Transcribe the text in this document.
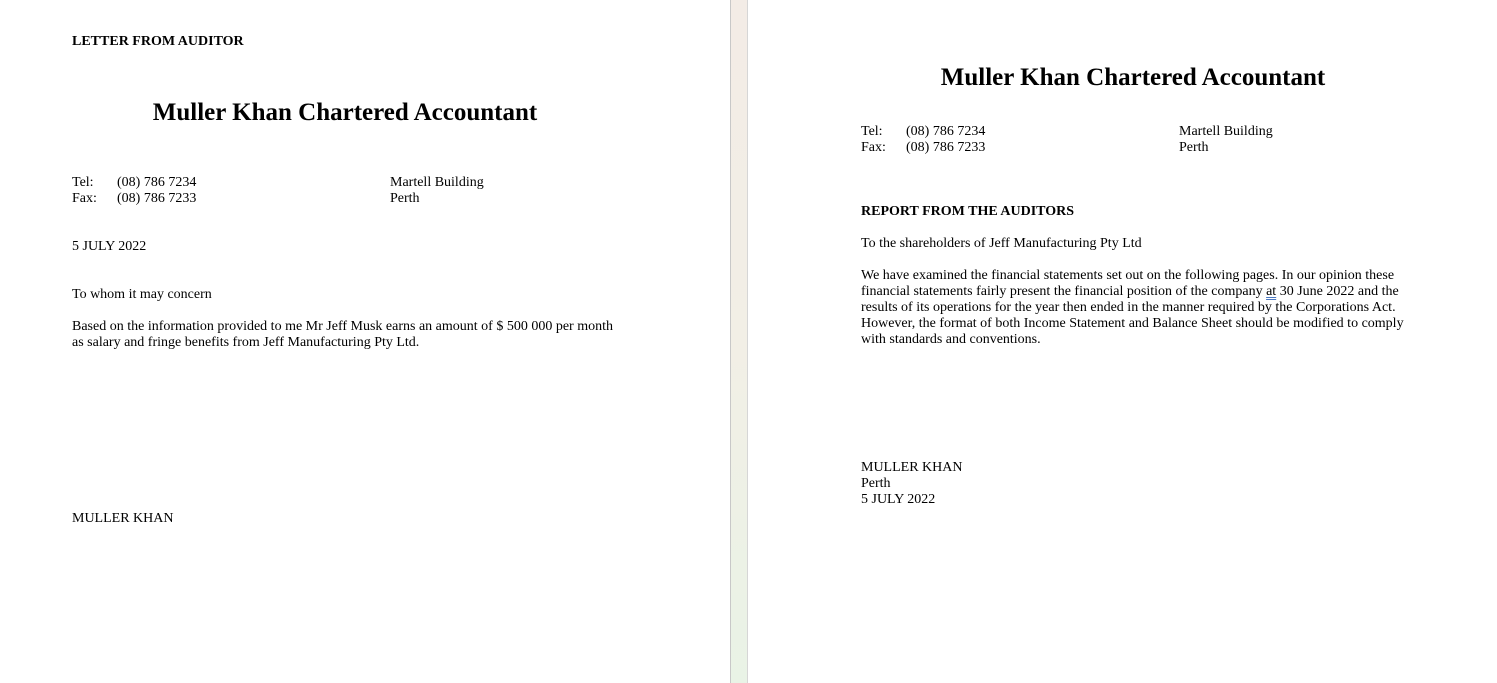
LETTER FROM AUDITOR
Muller Khan Chartered Accountant
Tel: (08) 786 7234
Fax: (08) 786 7233
Martell Building
Perth
5 JULY 2022
To whom it may concern
Based on the information provided to me Mr Jeff Musk earns an amount of $ 500 000 per month
as salary and fringe benefits from Jeff Manufacturing Pty Ltd.
MULLER KHAN
Muller Khan Chartered Accountant
Tel: (08) 786 7234
Fax: (08) 786 7233
Martell Building
Perth
REPORT FROM THE AUDITORS
To the shareholders of Jeff Manufacturing Pty Ltd
We have examined the financial statements set out on the following pages. In our opinion these
financial statements fairly present the financial position of the company at 30 June 2022 and the
results of its operations for the year then ended in the manner required by the Corporations Act.
However, the format of both Income Statement and Balance Sheet should be modified to comply
with standards and conventions.
MULLER KHAN
Perth
5 JULY 2022
